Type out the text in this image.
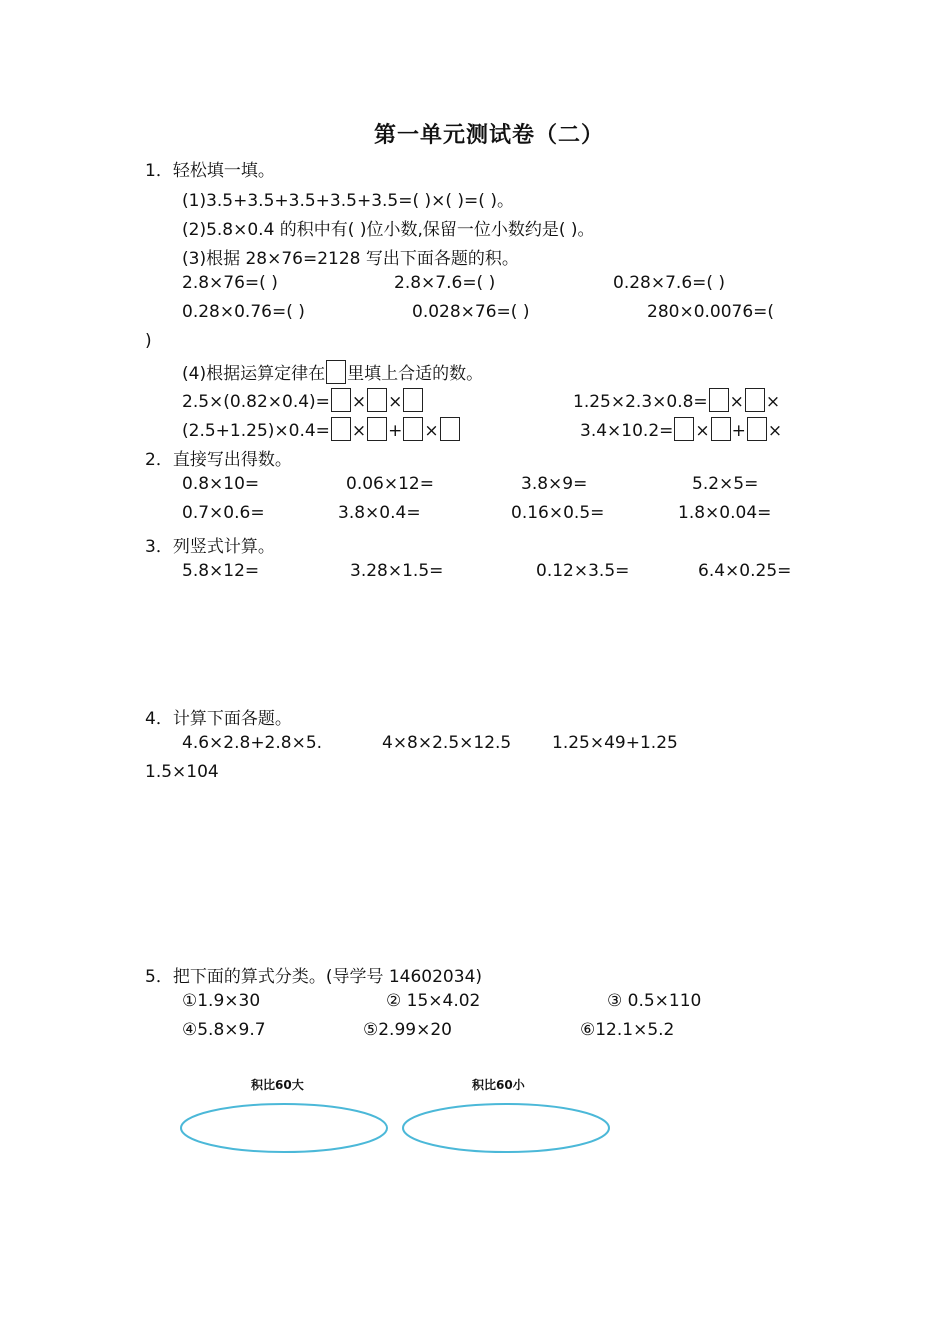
第一单元测试卷（二）
1．轻松填一填。
(1)3.5+3.5+3.5+3.5+3.5=( )×( )=( )。
(2)5.8×0.4 的积中有( )位小数,保留一位小数约是( )。
(3)根据 28×76=2128 写出下面各题的积。
2.8×76=( )	2.8×7.6=( )	0.28×7.6=( )
0.28×0.76=( )	0.028×76=( )	280×0.0076=(
)
(4)根据运算定律在 里填上合适的数。
2.5×(0.82×0.4)= × ×	1.25×2.3×0.8= × ×
(2.5+1.25)×0.4= × + ×	3.4×10.2= × + ×
2．直接写出得数。
0.8×10=	0.06×12=	3.8×9=	5.2×5=
0.7×0.6=	3.8×0.4=	0.16×0.5=	1.8×0.04=
3．列竖式计算。
5.8×12=	3.28×1.5=	0.12×3.5=	6.4×0.25=
4．计算下面各题。
4.6×2.8+2.8×5.	4×8×2.5×12.5 1.25×49+1.25
1.5×104
5．把下面的算式分类。(导学号 14602034)
①1.9×30	② 15×4.02	③ 0.5×110
④5.8×9.7	⑤2.99×20	⑥12.1×5.2
积比60大	积比60小
